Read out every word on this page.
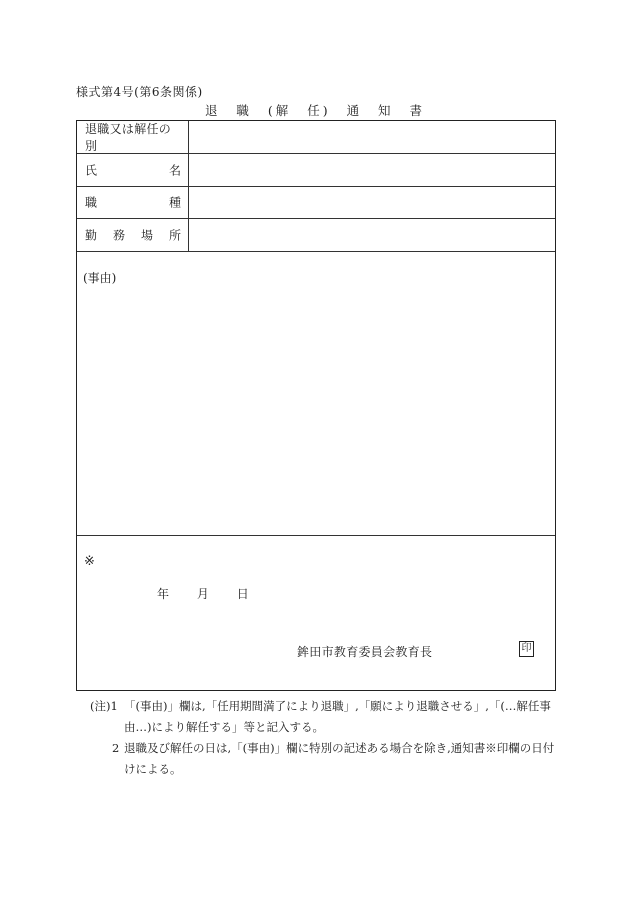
様式第4号(第6条関係)
退 職 (解 任) 通 知 書
退職又は解任の別
氏	名
職	種
勤 務 場 所
(事由)
※
年 月 日
鉾田市教育委員会教育長	印
(注)1 「(事由)」欄は,「任用期間満了により退職」,「願により退職させる」,「(…解任事由…)により解任する」等と記入する。
2 退職及び解任の日は,「(事由)」欄に特別の記述ある場合を除き,通知書※印欄の日付けによる。
